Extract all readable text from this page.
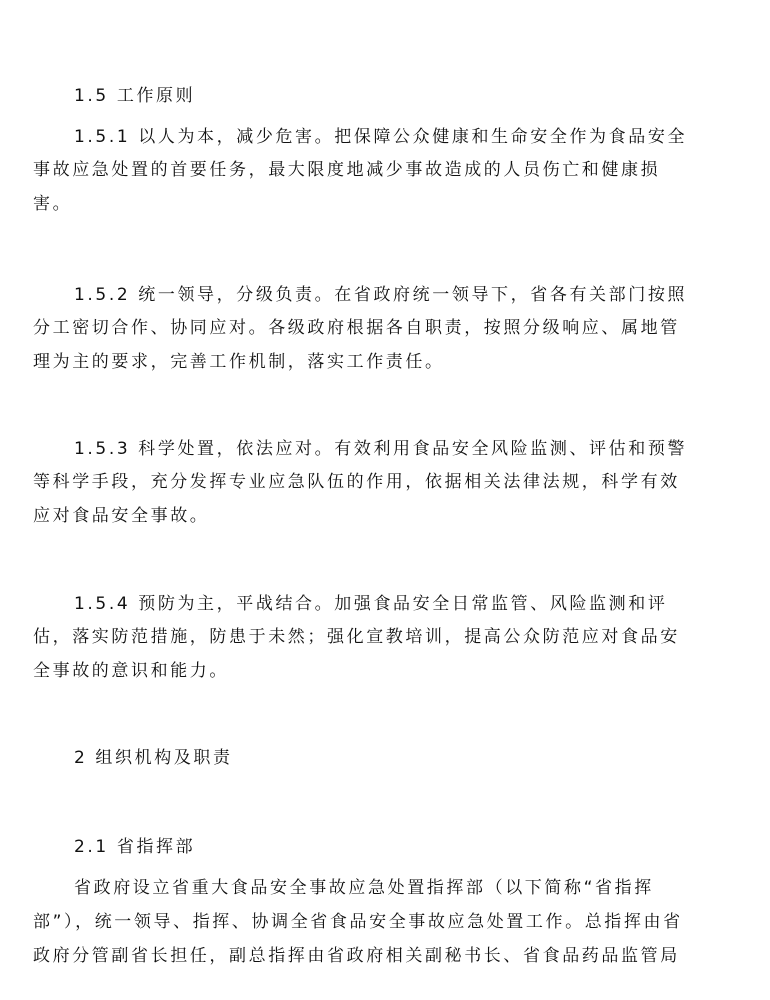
1.5 工作原则
1.5.1 以人为本，减少危害。把保障公众健康和生命安全作为食品安全
事故应急处置的首要任务，最大限度地减少事故造成的人员伤亡和健康损
害。
1.5.2 统一领导，分级负责。在省政府统一领导下，省各有关部门按照
分工密切合作、协同应对。各级政府根据各自职责，按照分级响应、属地管
理为主的要求，完善工作机制，落实工作责任。
1.5.3 科学处置，依法应对。有效利用食品安全风险监测、评估和预警
等科学手段，充分发挥专业应急队伍的作用，依据相关法律法规，科学有效
应对食品安全事故。
1.5.4 预防为主，平战结合。加强食品安全日常监管、风险监测和评
估，落实防范措施，防患于未然；强化宣教培训，提高公众防范应对食品安
全事故的意识和能力。
2 组织机构及职责
2.1 省指挥部
省政府设立省重大食品安全事故应急处置指挥部（以下简称“省指挥
部”），统一领导、指挥、协调全省食品安全事故应急处置工作。总指挥由省
政府分管副省长担任，副总指挥由省政府相关副秘书长、省食品药品监管局
